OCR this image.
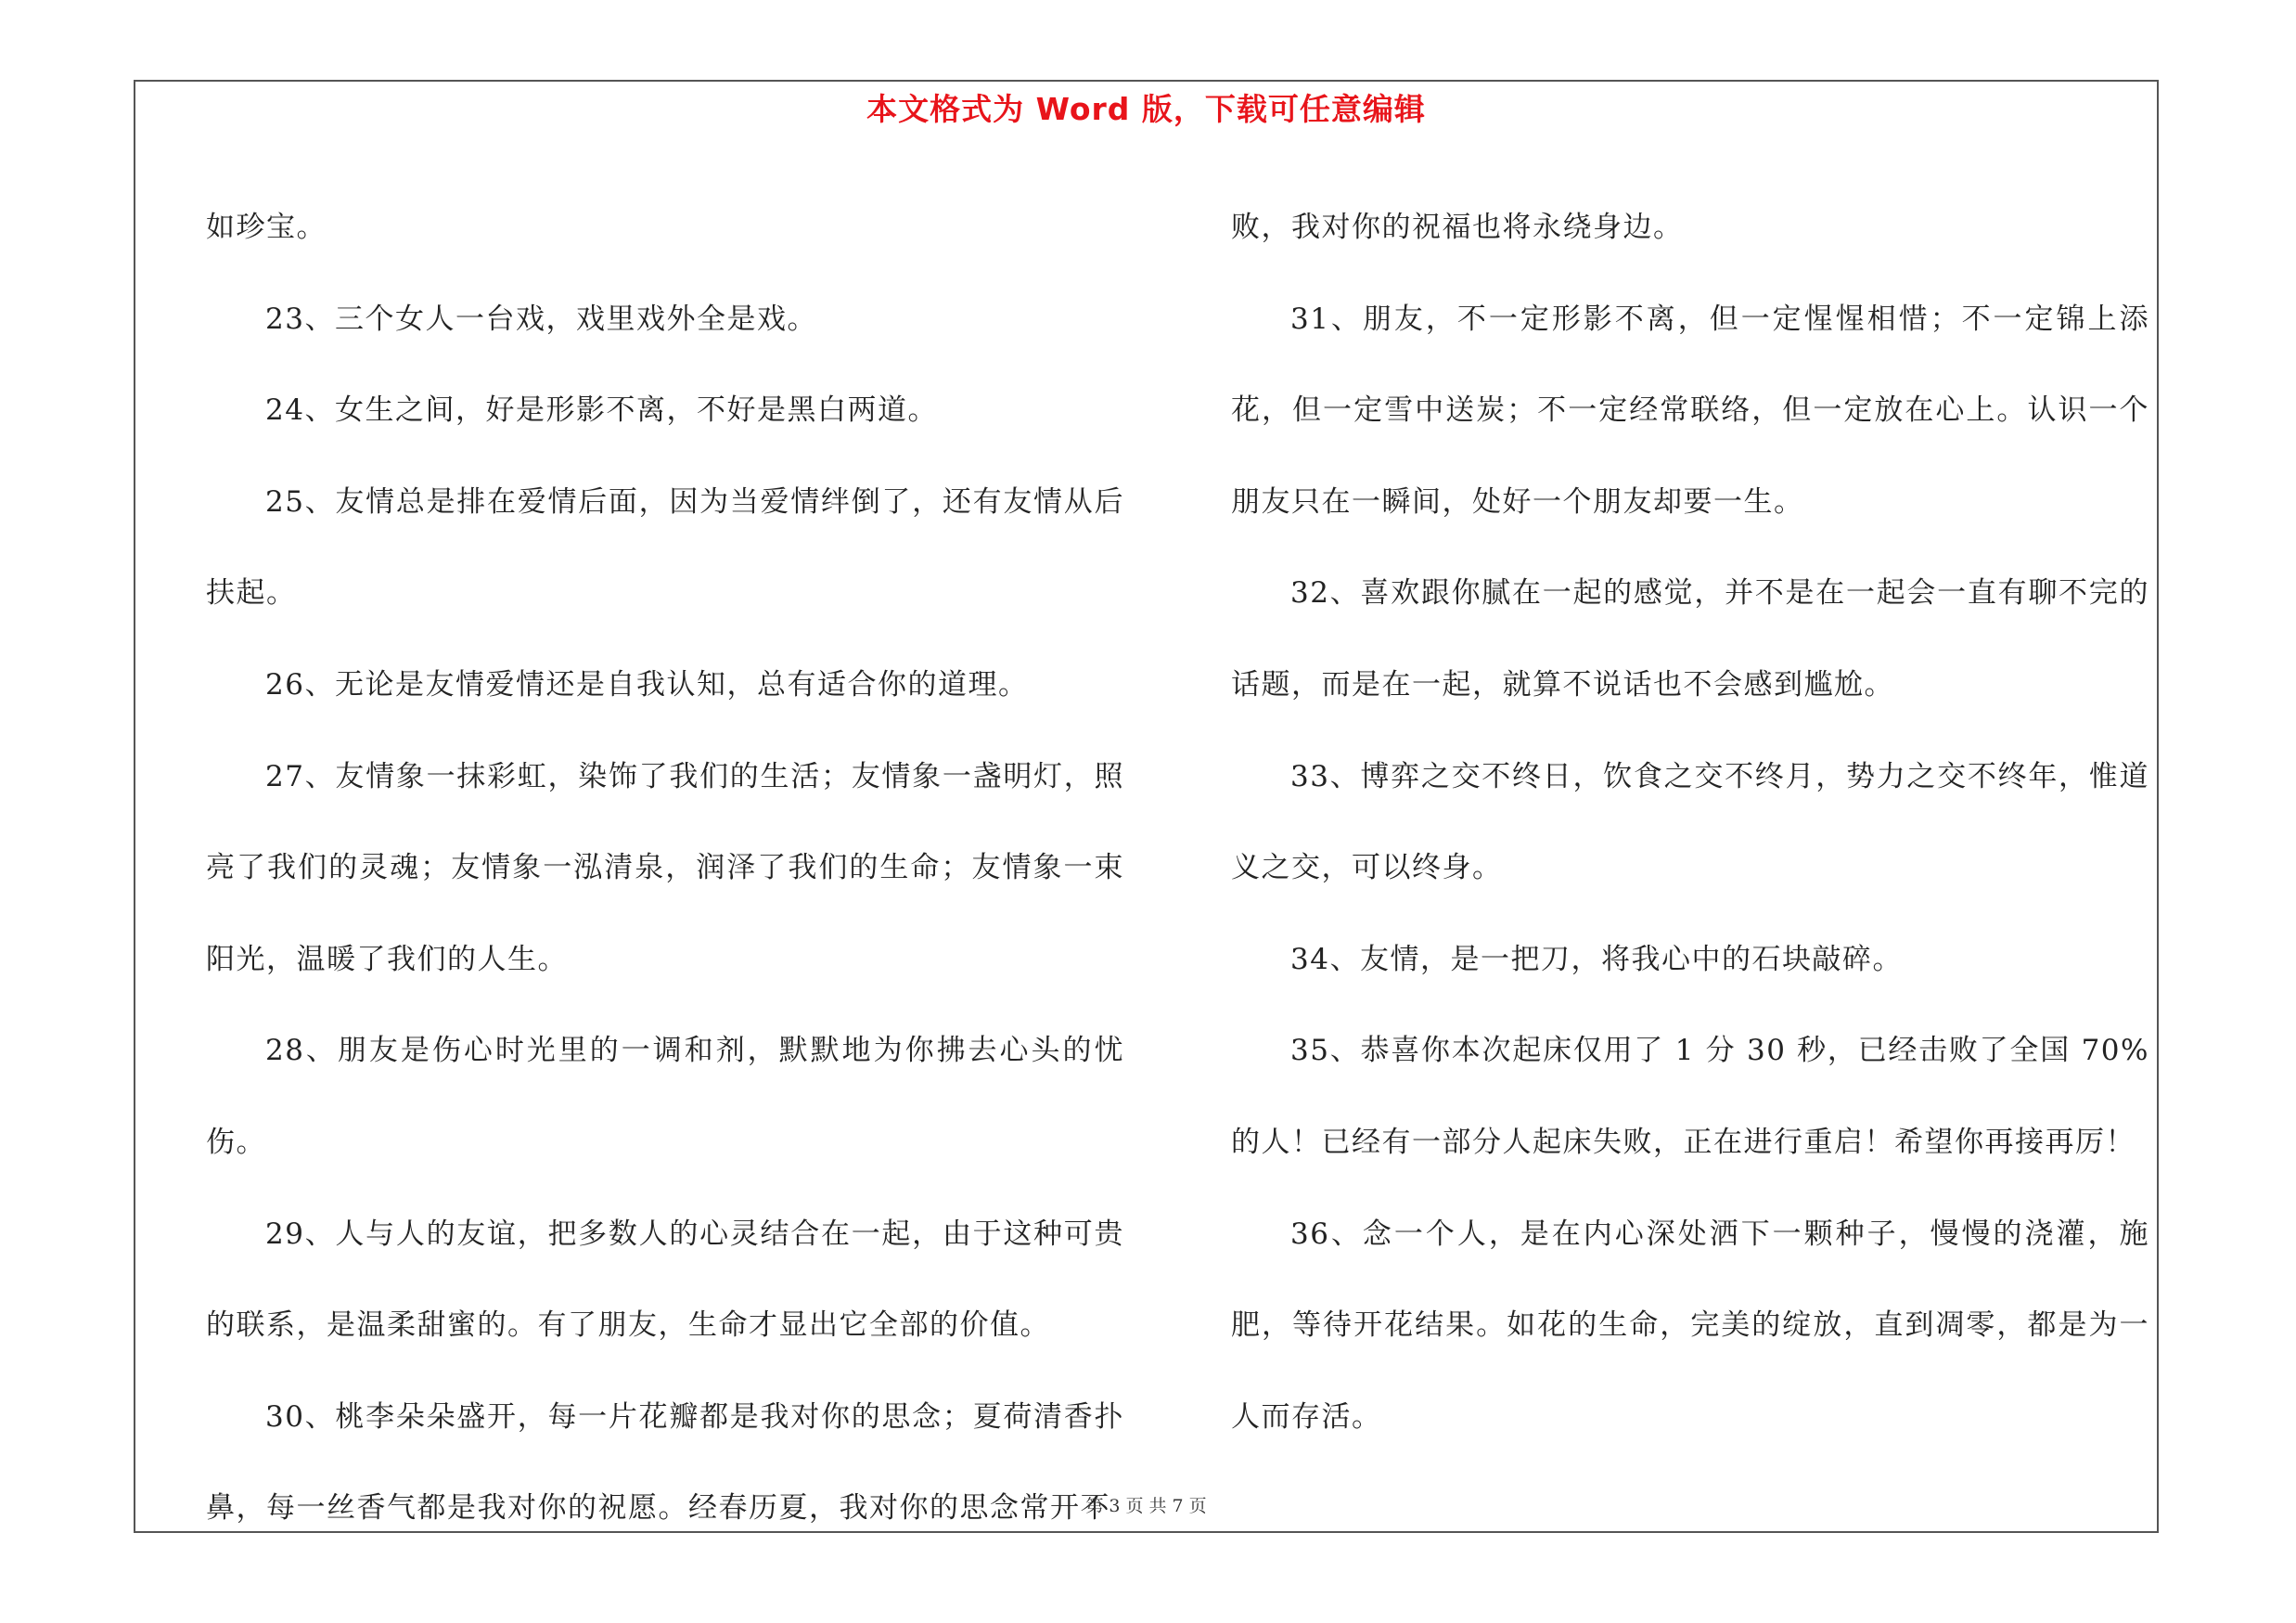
本文格式为 Word 版，下载可任意编辑

如珍宝。

23、三个女人一台戏，戏里戏外全是戏。

24、女生之间，好是形影不离，不好是黑白两道。

25、友情总是排在爱情后面，因为当爱情绊倒了，还有友情从后扶起。

26、无论是友情爱情还是自我认知，总有适合你的道理。

27、友情象一抹彩虹，染饰了我们的生活；友情象一盏明灯，照亮了我们的灵魂；友情象一泓清泉，润泽了我们的生命；友情象一束阳光，温暖了我们的人生。

28、朋友是伤心时光里的一调和剂，默默地为你拂去心头的忧伤。

29、人与人的友谊，把多数人的心灵结合在一起，由于这种可贵的联系，是温柔甜蜜的。有了朋友，生命才显出它全部的价值。

30、桃李朵朵盛开，每一片花瓣都是我对你的思念；夏荷清香扑鼻，每一丝香气都是我对你的祝愿。经春历夏，我对你的思念常开不

败，我对你的祝福也将永绕身边。

31、朋友，不一定形影不离，但一定惺惺相惜；不一定锦上添花，但一定雪中送炭；不一定经常联络，但一定放在心上。认识一个朋友只在一瞬间，处好一个朋友却要一生。

32、喜欢跟你腻在一起的感觉，并不是在一起会一直有聊不完的话题，而是在一起，就算不说话也不会感到尴尬。

33、博弈之交不终日，饮食之交不终月，势力之交不终年，惟道义之交，可以终身。

34、友情，是一把刀，将我心中的石块敲碎。

35、恭喜你本次起床仅用了 1 分 30 秒，已经击败了全国 70%的人！已经有一部分人起床失败，正在进行重启！希望你再接再厉！

36、念一个人，是在内心深处洒下一颗种子，慢慢的浇灌，施肥，等待开花结果。如花的生命，完美的绽放，直到凋零，都是为一人而存活。

第 3 页 共 7 页
